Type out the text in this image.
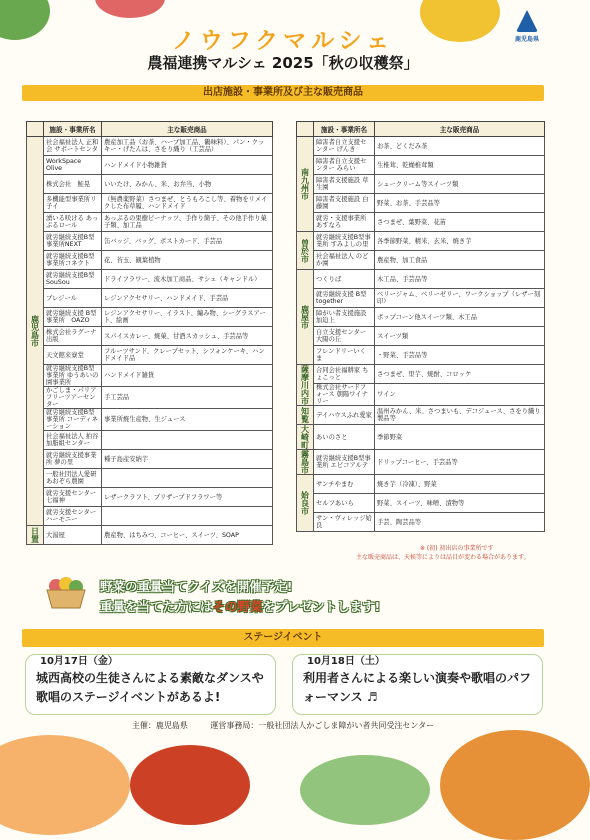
ノウフクマルシェ
農福連携マルシェ 2025「秋の収穫祭」
鹿児島県
出店施設・事業所及び主な販売商品
	施設・事業所名	主な販売商品
鹿児島市	社会福祉法人 正和会 サポートセンタ	農産加工品（お茶、ハーブ加工品、鶴味料）、パン・クッキー・げたんは、さをり織り（工芸品）
	WorkSpace Olive	ハンドメイド小物雑貨
	株式会社　鮭晃	いいたけ、みかん、米、お弁当、小物
	多機能型事業所リ子イ	（無農薬野菜）さつまぜ、とうもろこし等、着物をリメイクした布草履、ハンドメイド
	湧いる咲ける あっぷるロール	あっぷるの果樹ピーナッツ、手作り箇子、その他手作り菓子類、加工品
	就労継続支援B型事業所NEXT	缶バッジ、バッグ、ポストカード、手芸品
	就労継続支援B型事業所コネクト	花、苔玉、観葉植物
	就労継続支援B型 SouSou	ドライフラワー、流木加工商品、サシェ（キャンドル）
	ブレジール	レジンアクセサリー、ハンドメイド、手芸品
	就労継続支援 B型事業所　OAZO	レジンアクセサリー、イラスト、編み物、シーグラスアート、絵画
	株式会社ラグーナ出版	スパイスカレー、焼菓、甘酒スカッシュ、手芸品等
	天文館来寮堂	フルーツサンド、クレープセット、シフォンケーキ、ハンドメイド品
	就労継続支援B型事業所 ゆうあいの園事業所	ハンドメイド雑貨
	かごしま・パリアフリーツアーセンター	手工芸品
	就労継続支援B型事業所 コーディネーション	事業所焼生産物、生ジュース
	社会福祉法人 拍谷　加脂組センター	
	就労継続支援事業所 夢の里	種子島産安納芋
	一般社団法人愛研 あおぞら農園	
	就労支援センター七福神	レザークラフト、プリザーブドフラワー等
	就労支援センター ハーモニー	
日置	大湯屋	農産物、はちみつ、コーヒー、スイーツ、SOAP
	施設・事業所名	主な販売商品
南九州市	障害者自立支援センター げんき	お茶、どくだみ茶
	障害者自立支援センター みらい	生椎茸、乾燥椎茸類
	障害者支援施設 草生園	シュークリーム等スイーツ類
	障害者支援施設 白藤園	野菜、お茶、手芸品等
	就労・支援事業所 あすなろ	さつまぜ、葉野菜、花苗
曽於市	就労継続支援B型事業所 すみよしの里	各季節野菜、精米、玄米、焼き芋
	社会福祉法人 のどか園	農産物、加工食品
鹿屋市	つくりば	木工品、手芸品等
	就労継続支援 B型 together	ベリージャム、ベリーゼリー、ワークショップ（レザー刻印）
	障がい者支援施設 加迫上	ポップコーン他スイーツ類、木工品
	自立支援センター 大陽の丘	スイーツ類
	フレンドリーいくま	・野菜、手芸品等
薩摩川内市	合同会社福耕家 ちょこっと	さつまぜ、里芋、焼酎、コロッケ
	株式会社サードフォース 朝陽ワイナリー	ワイン
知覧	デイハウスふれ愛家	温州みかん、米、さつまいも、デコジュース、さをり織り製品等
大崎町	あいのさと	季節野菜
霧島市	就労継続支援B型事業所 エピコアルテ	ドリップコーヒー、手芸品等
姶良市	サンチやまむ	焼き芋（冷凍）、野菜
	セルフあいら	野菜、スイーツ、味噌、漬物等
	サン・ヴィレッジ姶良	手芸、陶芸品等
※ (初) 初出店の事業所です
主な販売商品は、天候等によりは品目が変わる場合があります。
野菜の重量当てクイズを開催予定!
重量を当てた方にはその野菜をプレゼントします!
ステージイベント
10月17日（金）
城西高校の生徒さんによる素敵なダンスや歌唱のステージイベントがあるよ!
10月18日（土）
利用者さんによる楽しい演奏や歌唱のパフォーマンス ♬
主催：鹿児島県	運営事務局：一般社団法人かごしま障がい者共同受注センター
